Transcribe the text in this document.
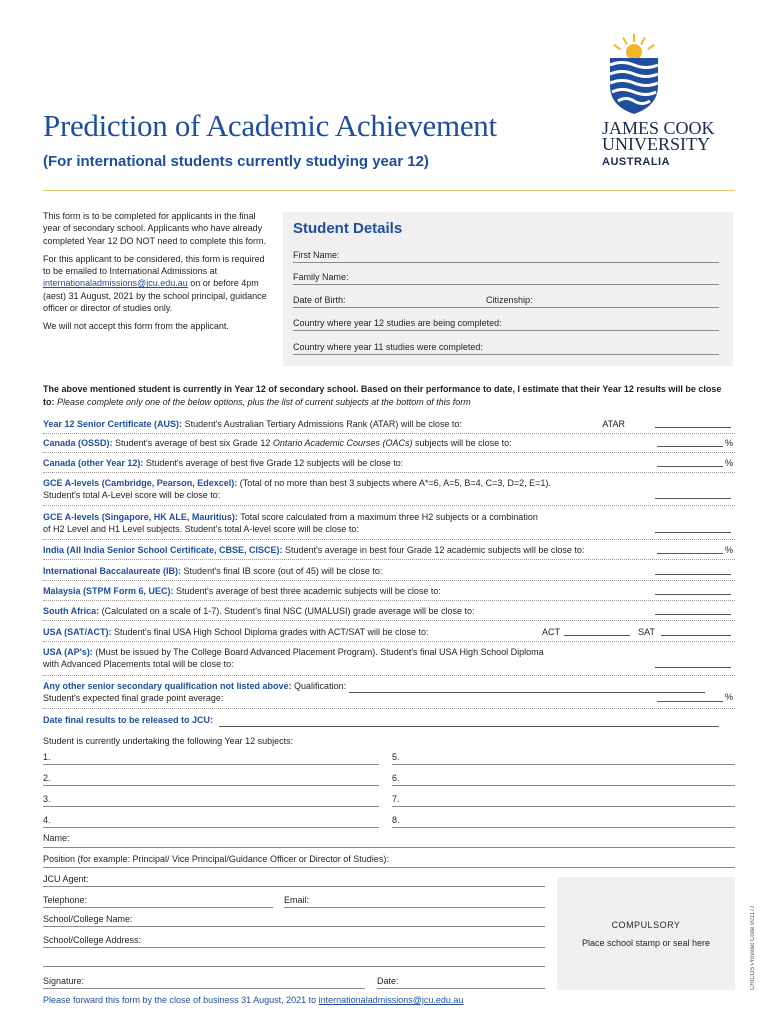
Prediction of Academic Achievement
(For international students currently studying year 12)
JAMES COOK
UNIVERSITY
AUSTRALIA

This form is to be completed for applicants in the final year of secondary school. Applicants who have already completed Year 12 DO NOT need to complete this form.

For this applicant to be considered, this form is required to be emailed to International Admissions at internationaladmissions@jcu.edu.au on or before 4pm (aest) 31 August, 2021 by the school principal, guidance officer or director of studies only.

We will not accept this form from the applicant.

Student Details
First Name:
Family Name:
Date of Birth:	Citizenship:
Country where year 12 studies are being completed:
Country where year 11 studies were completed:
The above mentioned student is currently in Year 12 of secondary school. Based on their performance to date, I estimate that their Year 12 results will be close to: Please complete only one of the below options, plus the list of current subjects at the bottom of this form
Year 12 Senior Certificate (AUS): Student's Australian Tertiary Admissions Rank (ATAR) will be close to:	ATAR
Canada (OSSD): Student's average of best six Grade 12 Ontario Academic Courses (OACs) subjects will be close to:	%
Canada (other Year 12): Student's average of best five Grade 12 subjects will be close to:	%
GCE A-levels (Cambridge, Pearson, Edexcel): (Total of no more than best 3 subjects where A*=6, A=5, B=4, C=3, D=2, E=1).
Student's total A-Level score will be close to:
GCE A-levels (Singapore, HK ALE, Mauritius): Total score calculated from a maximum three H2 subjects or a combination
of H2 Level and H1 Level subjects. Student's total A-level score will be close to:
India (All India Senior School Certificate, CBSE, CISCE): Student's average in best four Grade 12 academic subjects will be close to:	%
International Baccalaureate (IB): Student's final IB score (out of 45) will be close to:
Malaysia (STPM Form 6, UEC): Student's average of best three academic subjects will be close to:
South Africa: (Calculated on a scale of 1-7). Student's final NSC (UMALUSI) grade average will be close to:
USA (SAT/ACT): Student's final USA High School Diploma grades with ACT/SAT will be close to:	ACT	SAT
USA (AP's): (Must be issued by The College Board Advanced Placement Program). Student's final USA High School Diploma
with Advanced Placements total will be close to:
Any other senior secondary qualification not listed above: Qualification:
Student's expected final grade point average:	%
Date final results to be released to JCU:
Student is currently undertaking the following Year 12 subjects:
1.
2.
3.
4.
5.
6.
7.
8.
Name:
Position (for example: Principal/ Vice Principal/Guidance Officer or Director of Studies):
JCU Agent:
Telephone:	Email:
School/College Name:
School/College Address:
Signature:	Date:
COMPULSORY
Place school stamp or seal here	CRICOS Provider Code 00117J
Please forward this form by the close of business 31 August, 2021 to internationaladmissions@jcu.edu.au
